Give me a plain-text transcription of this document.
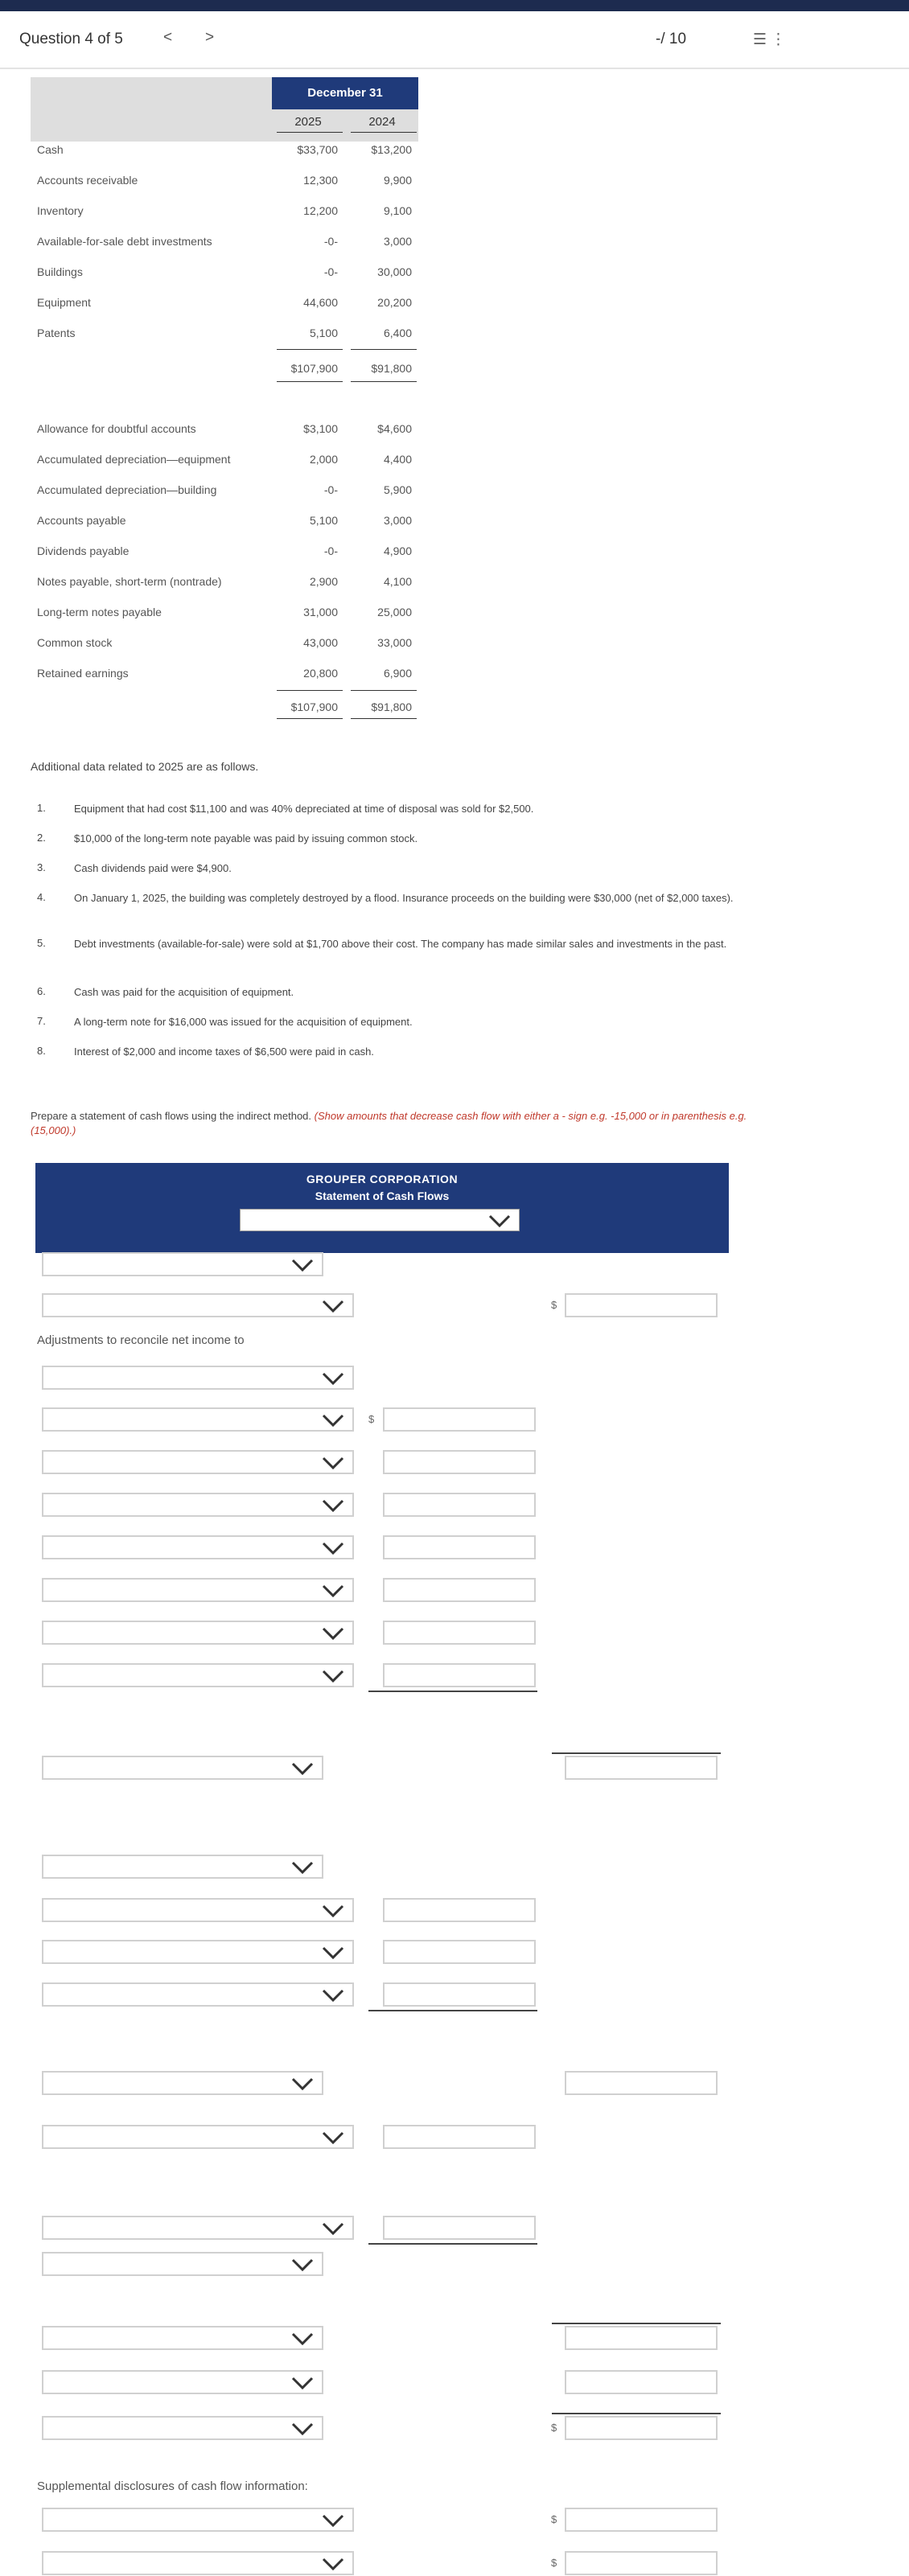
Question 4 of 5	< >	-/ 10	☰ ⋮
December 31
2025	2024
Cash	$33,700	$13,200
Accounts receivable	12,300	9,900
Inventory	12,200	9,100
Available-for-sale debt investments	-0-	3,000
Buildings	-0-	30,000
Equipment	44,600	20,200
Patents	5,100	6,400
$107,900	$91,800
Allowance for doubtful accounts	$3,100	$4,600
Accumulated depreciation—equipment	2,000	4,400
Accumulated depreciation—building	-0-	5,900
Accounts payable	5,100	3,000
Dividends payable	-0-	4,900
Notes payable, short-term (nontrade)	2,900	4,100
Long-term notes payable	31,000	25,000
Common stock	43,000	33,000
Retained earnings	20,800	6,900
$107,900	$91,800
Additional data related to 2025 are as follows.
1.	Equipment that had cost $11,100 and was 40% depreciated at time of disposal was sold for $2,500.
2.	$10,000 of the long-term note payable was paid by issuing common stock.
3.	Cash dividends paid were $4,900.
4.	On January 1, 2025, the building was completely destroyed by a flood. Insurance proceeds on the building were $30,000 (net of $2,000 taxes).
5.	Debt investments (available-for-sale) were sold at $1,700 above their cost. The company has made similar sales and investments in the past.
6.	Cash was paid for the acquisition of equipment.
7.	A long-term note for $16,000 was issued for the acquisition of equipment.
8.	Interest of $2,000 and income taxes of $6,500 were paid in cash.
Prepare a statement of cash flows using the indirect method. (Show amounts that decrease cash flow with either a - sign e.g. -15,000 or in parenthesis e.g. (15,000).)
GROUPER CORPORATION
Statement of Cash Flows
Adjustments to reconcile net income to
Supplemental disclosures of cash flow information:
$
$
$
$
$
